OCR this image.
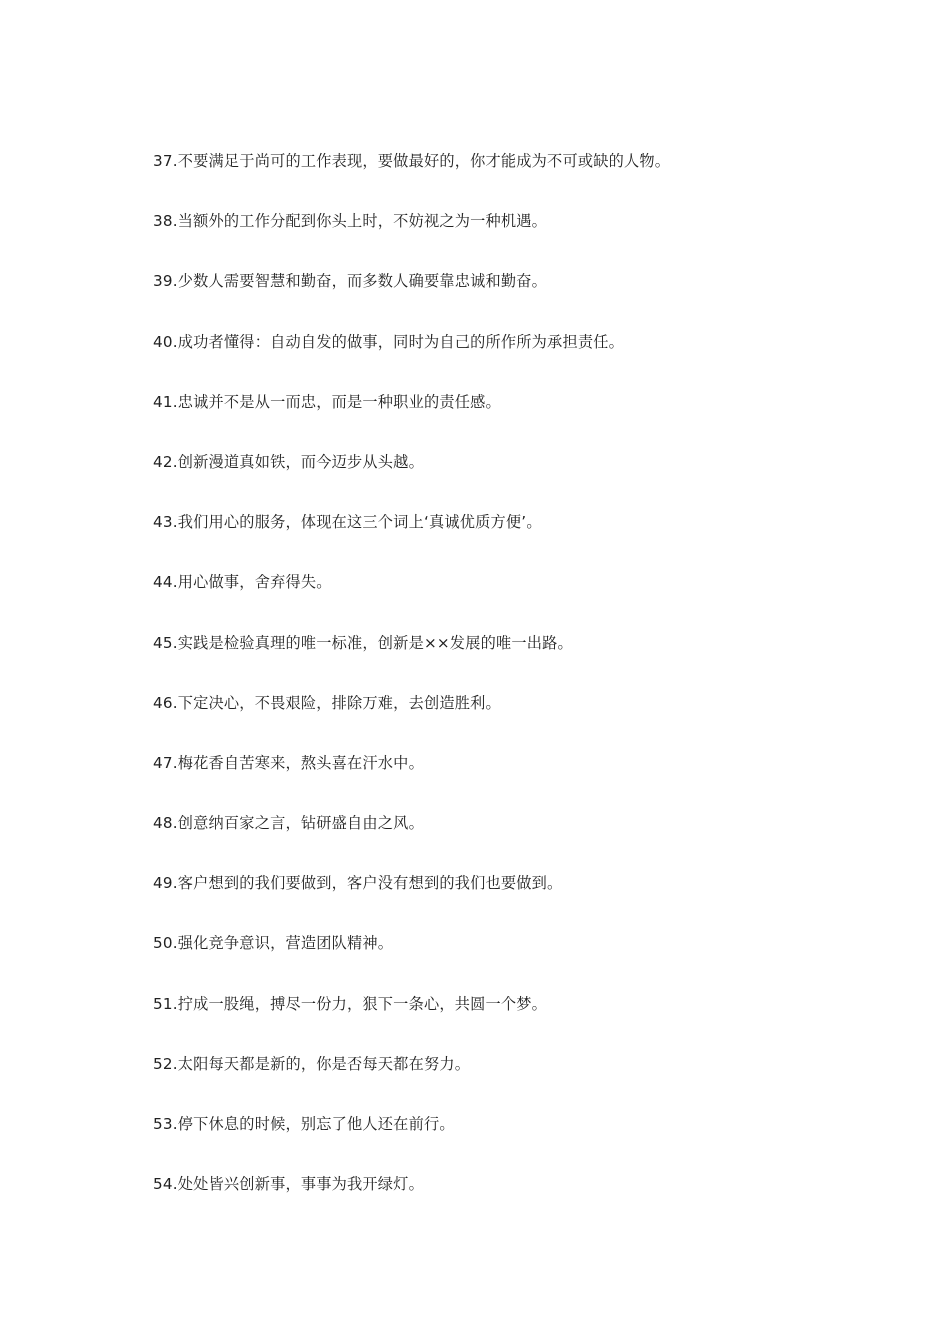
37.不要满足于尚可的工作表现，要做最好的，你才能成为不可或缺的人物。
38.当额外的工作分配到你头上时，不妨视之为一种机遇。
39.少数人需要智慧和勤奋，而多数人确要靠忠诚和勤奋。
40.成功者懂得：自动自发的做事，同时为自己的所作所为承担责任。
41.忠诚并不是从一而忠，而是一种职业的责任感。
42.创新漫道真如铁，而今迈步从头越。
43.我们用心的服务，体现在这三个词上‘真诚优质方便’。
44.用心做事，舍弃得失。
45.实践是检验真理的唯一标准，创新是××发展的唯一出路。
46.下定决心，不畏艰险，排除万难，去创造胜利。
47.梅花香自苦寒来，熬头喜在汗水中。
48.创意纳百家之言，钻研盛自由之风。
49.客户想到的我们要做到，客户没有想到的我们也要做到。
50.强化竞争意识，营造团队精神。
51.拧成一股绳，搏尽一份力，狠下一条心，共圆一个梦。
52.太阳每天都是新的，你是否每天都在努力。
53.停下休息的时候，别忘了他人还在前行。
54.处处皆兴创新事，事事为我开绿灯。
